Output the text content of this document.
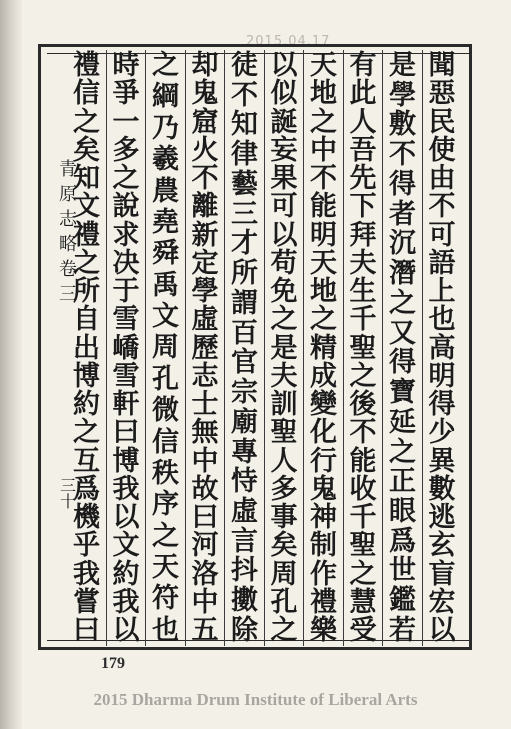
2015.04.17
聞
惡
民
使
由
不
可
語
上
也
高
明
得
少
異
數
逃
玄
盲
宏
以
是
學
敷
不
得
者
沉
潛
之
又
得
寶
延
之
正
眼
爲
世
鑑
若
有
此
人
吾
先
下
拜
夫
生
千
聖
之
後
不
能
收
千
聖
之
慧
受
天
地
之
中
不
能
明
天
地
之
精
成
變
化
行
鬼
神
制
作
禮
樂
以
似
誕
妄
果
可
以
苟
免
之
是
夫
訓
聖
人
多
事
矣
周
孔
之
徒
不
知
律
藝
三
才
所
謂
百
官
宗
廟
專
恃
虛
言
抖
擻
除
却
鬼
窟
火
不
離
新
定
學
虛
歷
志
士
無
中
故
曰
河
洛
中
五
之
綱
乃
羲
農
堯
舜
禹
文
周
孔
微
信
秩
序
之
天
符
也
時
爭
一
多
之
說
求
决
于
雪
嶠
雪
軒
曰
博
我
以
文
約
我
以
禮
信
之
矣
知
文
禮
之
所
自
出
博
約
之
互
爲
機
乎
我
嘗
曰
青
原
志
略
卷
三
三
十
179
2015 Dharma Drum Institute of Liberal Arts
